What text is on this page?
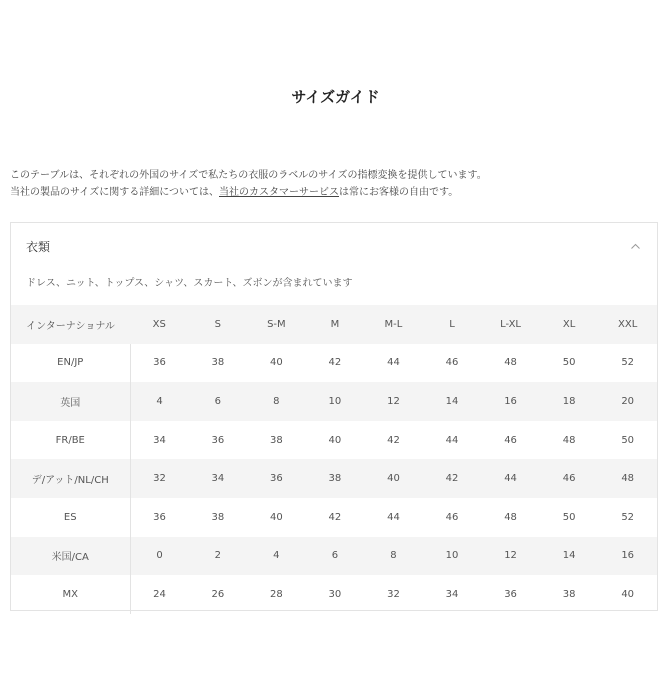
サイズガイド
このテーブルは、それぞれの外国のサイズで私たちの衣服のラベルのサイズの指標変換を提供しています。
当社の製品のサイズに関する詳細については、当社のカスタマーサービスは常にお客様の自由です。
衣類
ドレス、ニット、トップス、シャツ、スカート、ズボンが含まれています
インターナショナル	XS	S	S-M	M	M-L	L	L-XL	XL	XXL
EN/JP	36	38	40	42	44	46	48	50	52
英国	4	6	8	10	12	14	16	18	20
FR/BE	34	36	38	40	42	44	46	48	50
デ/アット/NL/CH	32	34	36	38	40	42	44	46	48
ES	36	38	40	42	44	46	48	50	52
米国/CA	0	2	4	6	8	10	12	14	16
MX	24	26	28	30	32	34	36	38	40
